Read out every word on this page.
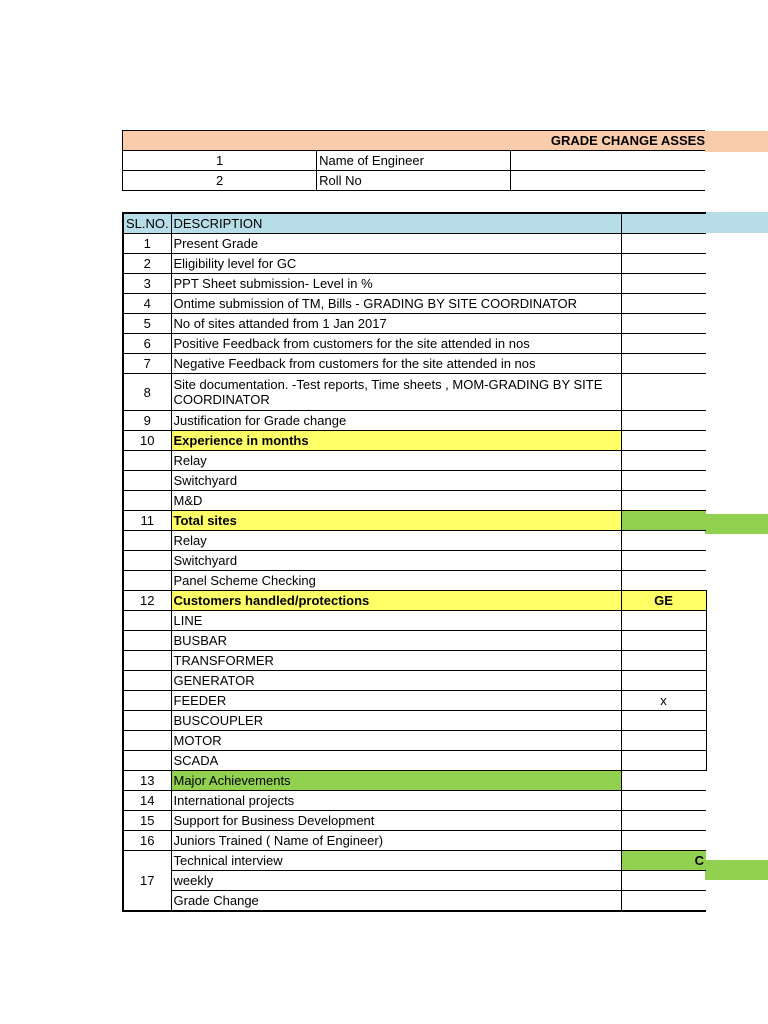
GRADE CHANGE ASSES		
1	Name of Engineer	
2	Roll No	
SL.NO.	DESCRIPTION	
1	Present Grade	
2	Eligibility level for GC	
3	PPT Sheet submission- Level in %	
4	Ontime submission of TM, Bills - GRADING BY SITE COORDINATOR	
5	No of sites attanded from 1 Jan 2017	
6	Positive Feedback from customers for the site attended in nos	
7	Negative Feedback from customers for the site attended in nos	
8	Site documentation. -Test reports, Time sheets , MOM-GRADING BY SITE COORDINATOR	
9	Justification for Grade change	
10	Experience in months	
	Relay	
	Switchyard	
	M&D	
11	Total sites	
	Relay	
	Switchyard	
	Panel Scheme Checking	
12	Customers handled/protections	GE
	LINE	
	BUSBAR	
	TRANSFORMER	
	GENERATOR	
	FEEDER	x
	BUSCOUPLER	
	MOTOR	
	SCADA	
13	Major Achievements	
14	International projects	
15	Support for Business Development	
16	Juniors Trained ( Name of Engineer)	
17	Technical interview	C
	weekly	
	Grade Change	
